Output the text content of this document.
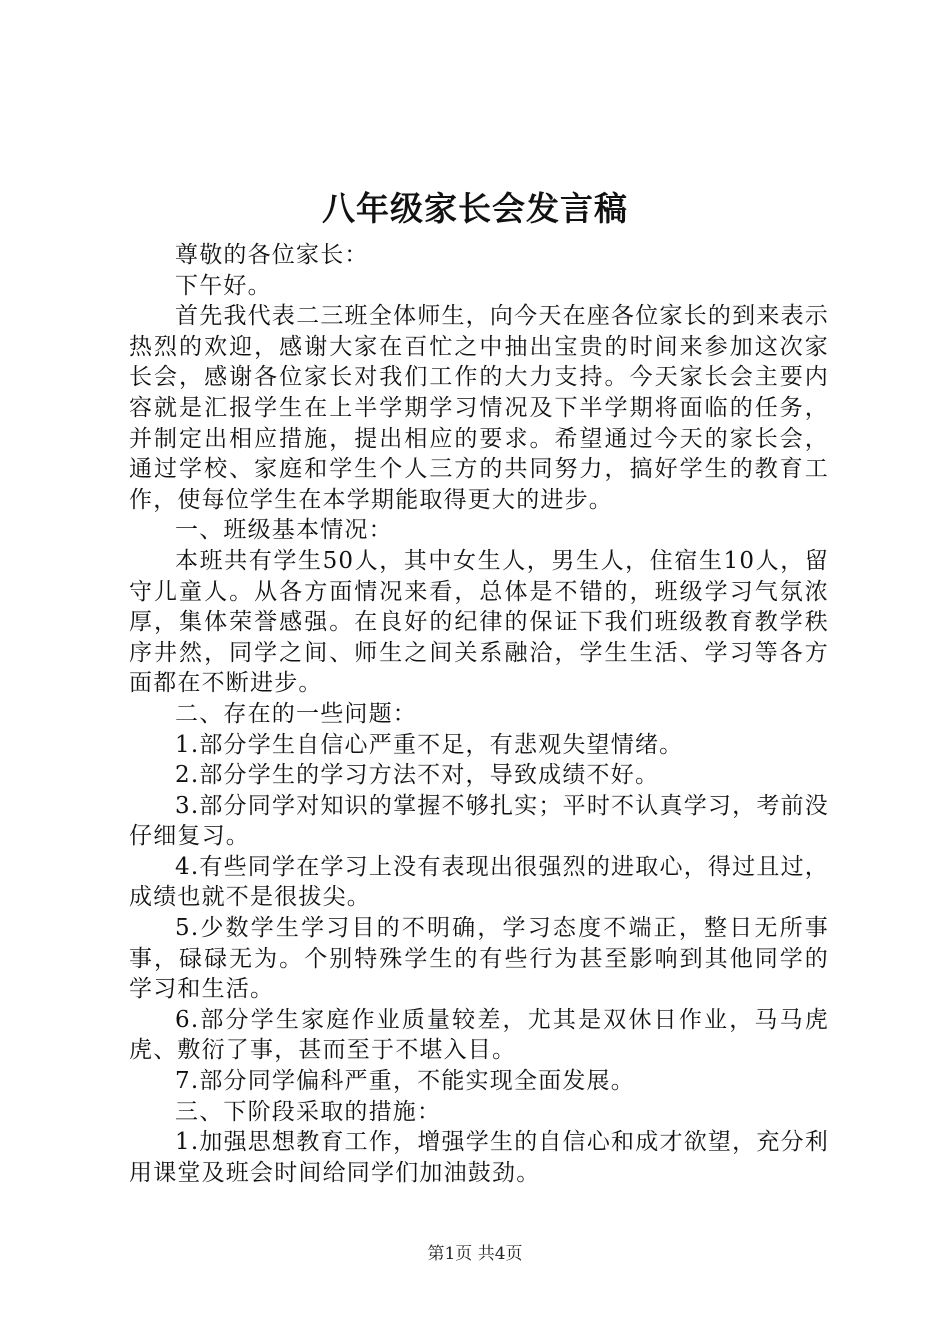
八年级家长会发言稿

尊敬的各位家长：

下午好。

首先我代表二三班全体师生，向今天在座各位家长的到来表示热烈的欢迎，感谢大家在百忙之中抽出宝贵的时间来参加这次家长会，感谢各位家长对我们工作的大力支持。今天家长会主要内容就是汇报学生在上半学期学习情况及下半学期将面临的任务，并制定出相应措施，提出相应的要求。希望通过今天的家长会，通过学校、家庭和学生个人三方的共同努力，搞好学生的教育工作，使每位学生在本学期能取得更大的进步。

一、班级基本情况：

本班共有学生50人，其中女生人，男生人，住宿生10人，留守儿童人。从各方面情况来看，总体是不错的，班级学习气氛浓厚，集体荣誉感强。在良好的纪律的保证下我们班级教育教学秩序井然，同学之间、师生之间关系融洽，学生生活、学习等各方面都在不断进步。

二、存在的一些问题：

1.部分学生自信心严重不足，有悲观失望情绪。

2.部分学生的学习方法不对，导致成绩不好。

3.部分同学对知识的掌握不够扎实；平时不认真学习，考前没仔细复习。

4.有些同学在学习上没有表现出很强烈的进取心，得过且过，成绩也就不是很拔尖。

5.少数学生学习目的不明确，学习态度不端正，整日无所事事，碌碌无为。个别特殊学生的有些行为甚至影响到其他同学的学习和生活。

6.部分学生家庭作业质量较差，尤其是双休日作业，马马虎虎、敷衍了事，甚而至于不堪入目。

7.部分同学偏科严重，不能实现全面发展。

三、下阶段采取的措施：

1.加强思想教育工作，增强学生的自信心和成才欲望，充分利用课堂及班会时间给同学们加油鼓劲。

第1页 共4页
